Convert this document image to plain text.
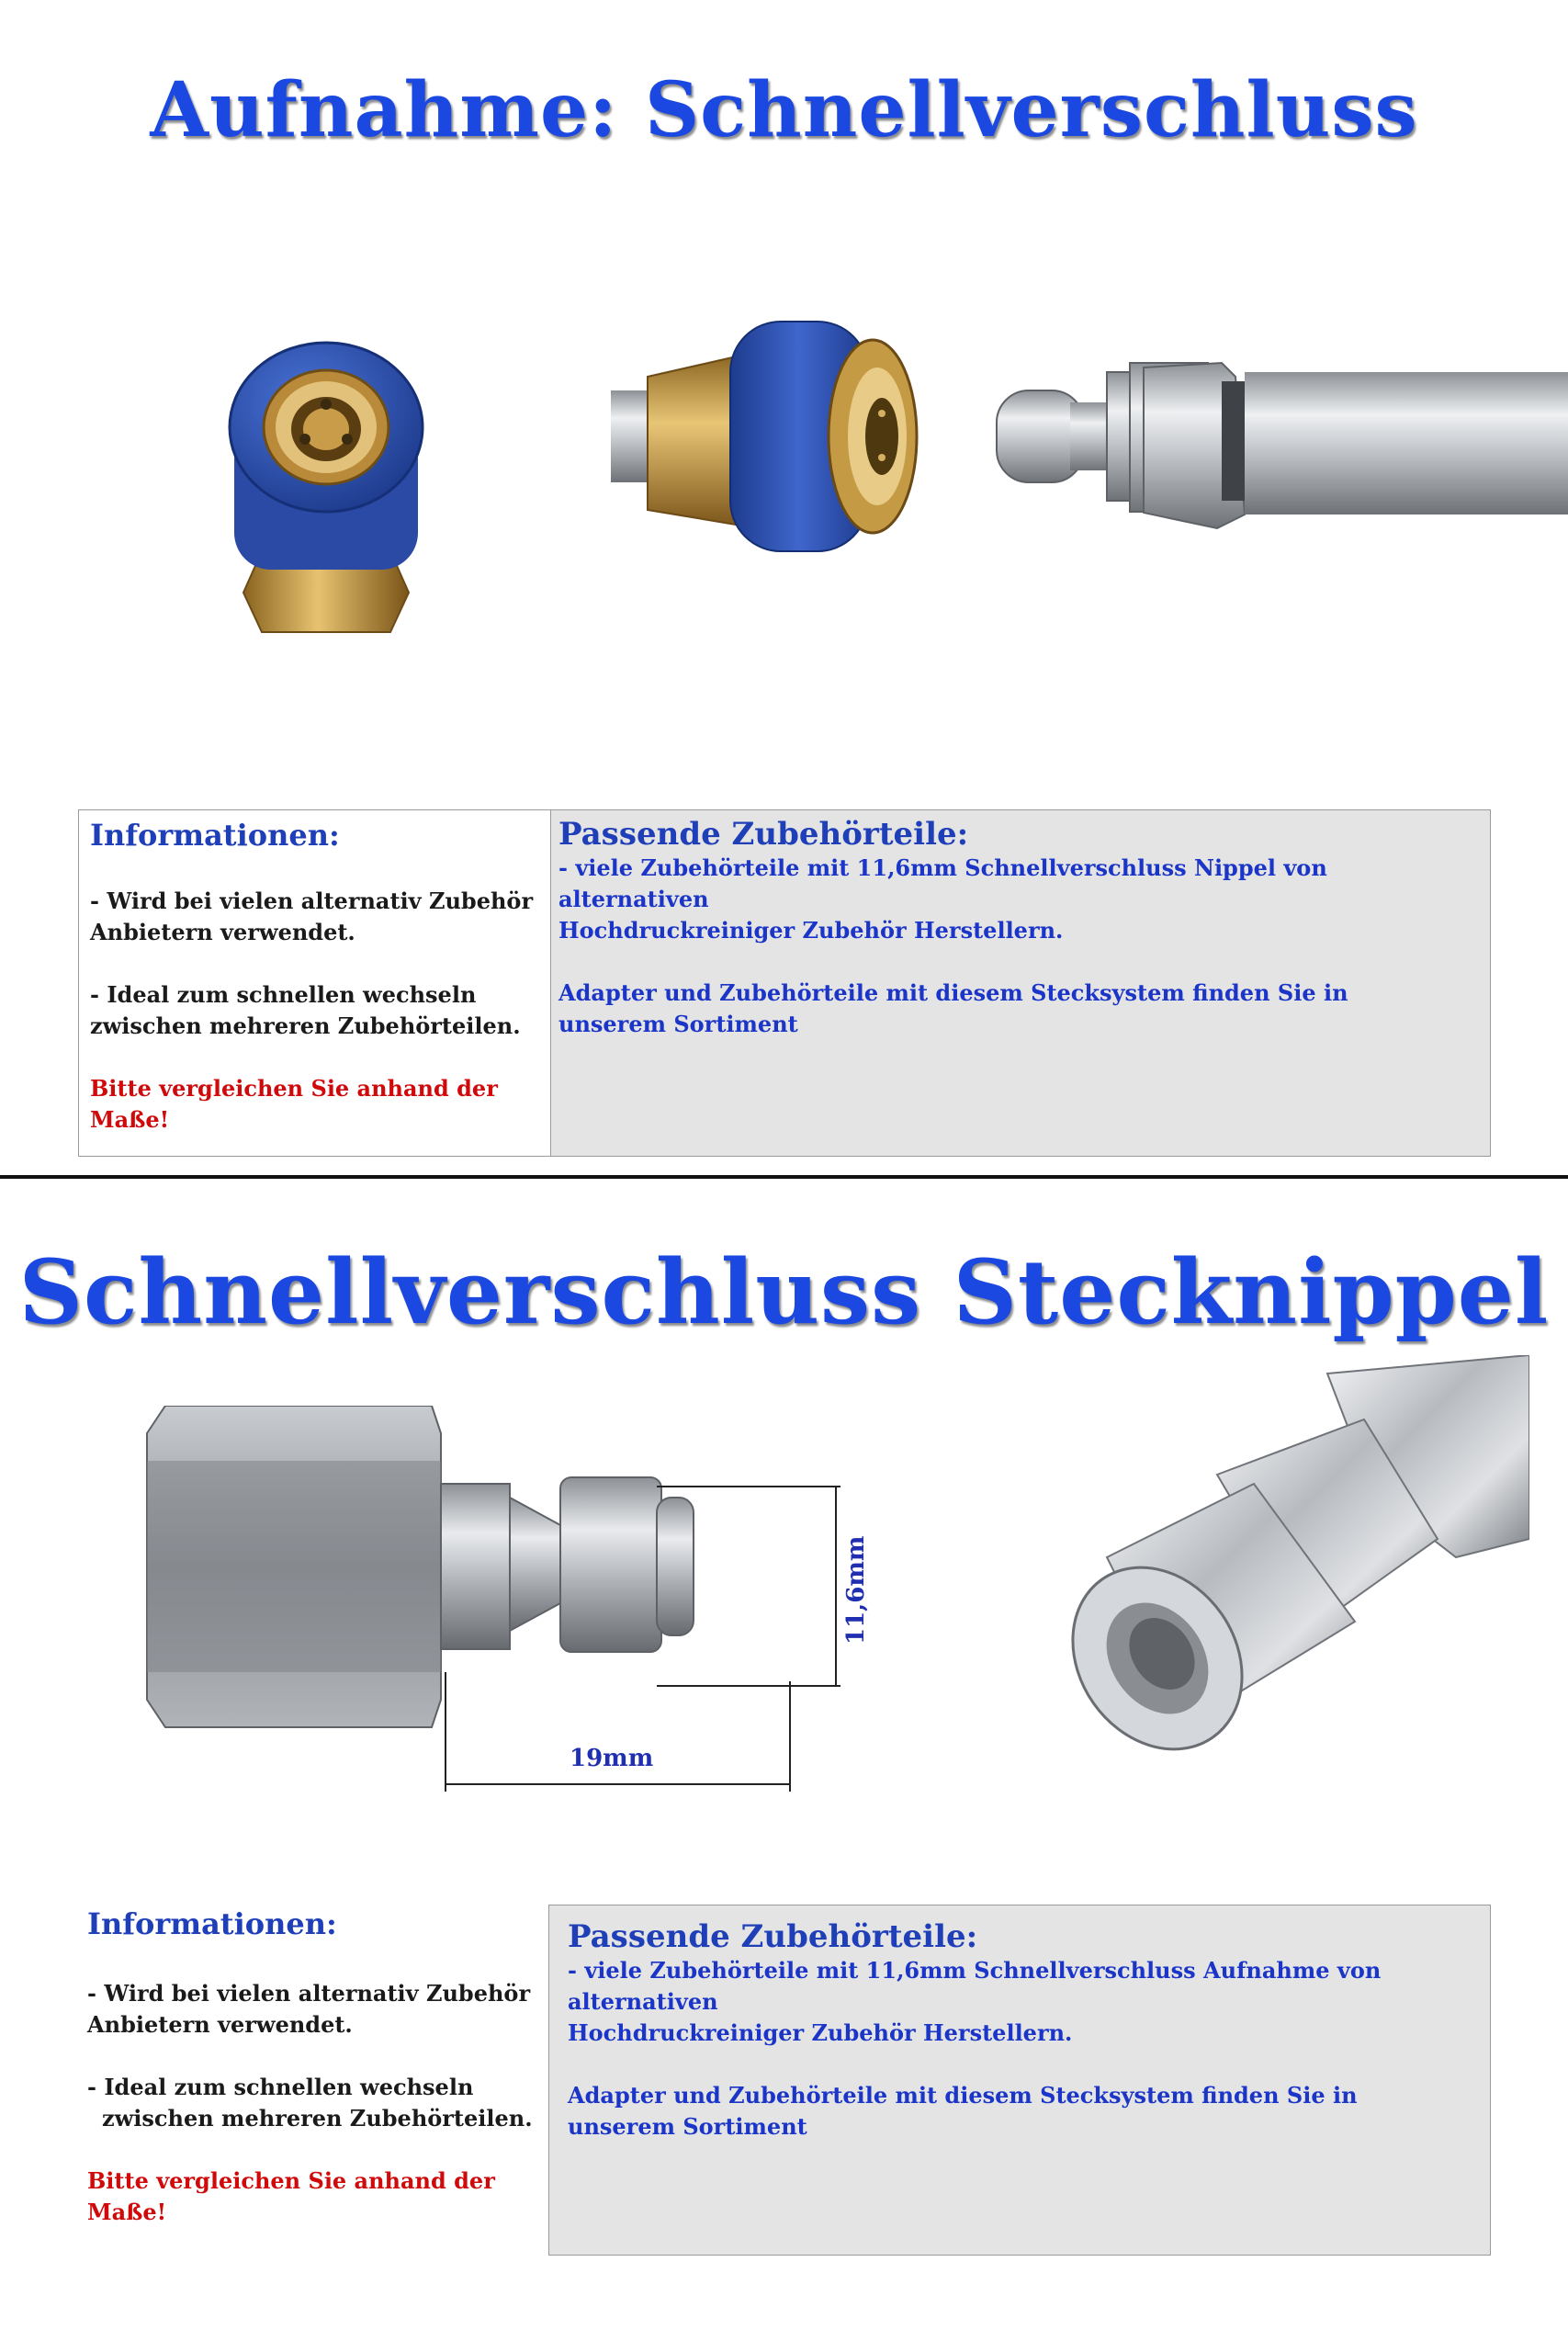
Aufnahme: Schnellverschluss

Informationen:

- Wird bei vielen alternativ Zubehör

Anbietern verwendet.

- Ideal zum schnellen wechseln

zwischen mehreren Zubehörteilen.

Bitte vergleichen Sie anhand der Maße!

Passende Zubehörteile:

- viele Zubehörteile mit 11,6mm Schnellverschluss Nippel von alternativen

Hochdruckreiniger Zubehör Herstellern.

Adapter und Zubehörteile mit diesem Stecksystem finden Sie in

unserem Sortiment

Schnellverschluss Stecknippel
11,6mm
19mm

Informationen:

- Wird bei vielen alternativ Zubehör

Anbietern verwendet.

- Ideal zum schnellen wechseln

zwischen mehreren Zubehörteilen.

Bitte vergleichen Sie anhand der Maße!

Passende Zubehörteile:

- viele Zubehörteile mit 11,6mm Schnellverschluss Aufnahme von alternativen

Hochdruckreiniger Zubehör Herstellern.

Adapter und Zubehörteile mit diesem Stecksystem finden Sie in

unserem Sortiment
